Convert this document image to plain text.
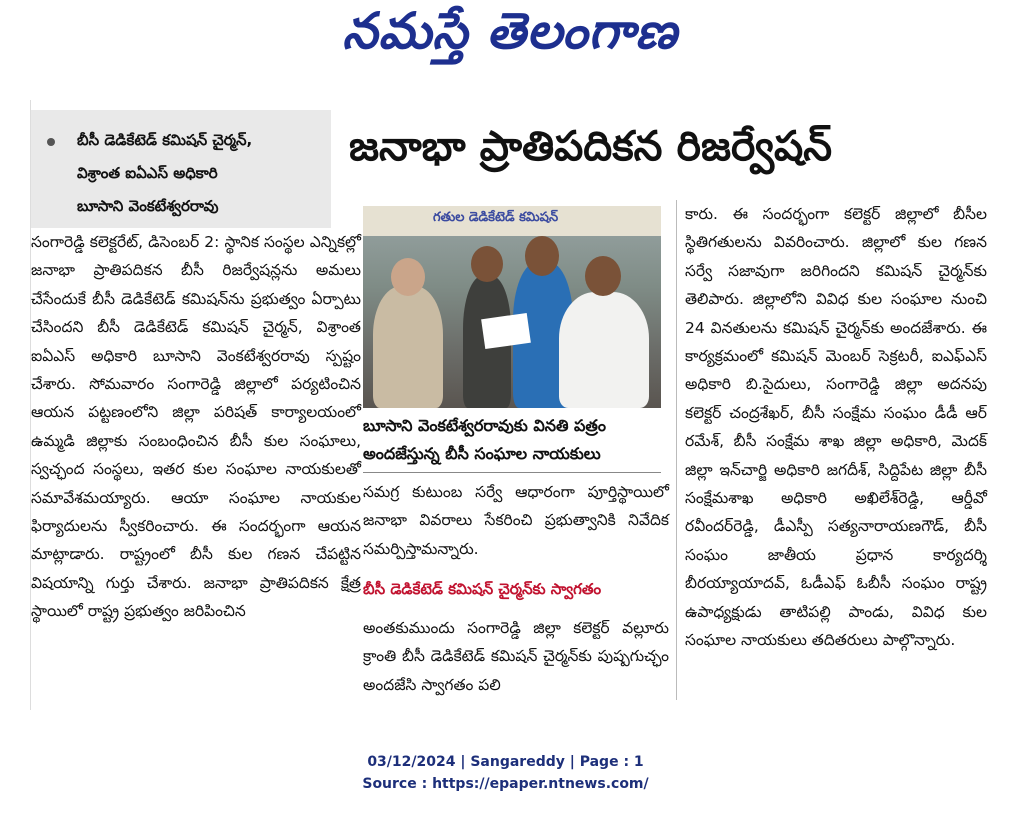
నమస్తే తెలంగాణ
బీసీ డెడికేటెడ్ కమిషన్ చైర్మన్,
విశ్రాంత ఐఏఎస్ అధికారి
బూసాని వెంకటేశ్వరరావు
జనాభా ప్రాతిపదికన రిజర్వేషన్

సంగారెడ్డి కలెక్టరేట్, డిసెంబర్ 2: స్థానిక సంస్థల ఎన్నికల్లో జనాభా ప్రాతిపదికన బీసీ రిజర్వేషన్లను అమలు చేసేందుకే బీసీ డెడికేటెడ్ కమిషన్‌ను ప్రభుత్వం ఏర్పాటు చేసిందని బీసీ డెడికేటెడ్ కమిషన్ చైర్మన్, విశ్రాంత ఐఏఎస్ అధికారి బూసాని వెంకటేశ్వరరావు స్పష్టం చేశారు. సోమవారం సంగారెడ్డి జిల్లాలో పర్యటించిన ఆయన పట్టణంలోని జిల్లా పరిషత్ కార్యాలయంలో ఉమ్మడి జిల్లాకు సంబంధించిన బీసీ కుల సంఘాలు, స్వచ్ఛంద సంస్థలు, ఇతర కుల సంఘాల నాయకులతో సమావేశమయ్యారు. ఆయా సంఘాల నాయకుల ఫిర్యాదులను స్వీకరించారు. ఈ సందర్భంగా ఆయన మాట్లాడారు. రాష్ట్రంలో బీసీ కుల గణన చేపట్టిన విషయాన్ని గుర్తు చేశారు. జనాభా ప్రాతిపదికన క్షేత్ర స్థాయిలో రాష్ట్ర ప్రభుత్వం జరిపించిన

గతుల డెడికేటెడ్ కమిషన్
బూసాని వెంకటేశ్వరరావుకు వినతి పత్రం అందజేస్తున్న బీసీ సంఘాల నాయకులు

సమగ్ర కుటుంబ సర్వే ఆధారంగా పూర్తిస్థాయిలో జనాభా వివరాలు సేకరించి ప్రభుత్వానికి నివేదిక సమర్పిస్తామన్నారు.

బీసీ డెడికేటెడ్ కమిషన్ చైర్మన్‌కు స్వాగతం

అంతకుముందు సంగారెడ్డి జిల్లా కలెక్టర్ వల్లూరు క్రాంతి బీసీ డెడికేటెడ్ కమిషన్ చైర్మన్‌కు పుష్పగుచ్ఛం అందజేసి స్వాగతం పలి

కారు. ఈ సందర్భంగా కలెక్టర్ జిల్లాలో బీసీల స్థితిగతులను వివరించారు. జిల్లాలో కుల గణన సర్వే సజావుగా జరిగిందని కమిషన్ చైర్మన్‌కు తెలిపారు. జిల్లాలోని వివిధ కుల సంఘాల నుంచి 24 వినతులను కమిషన్ చైర్మన్‌కు అందజేశారు. ఈ కార్యక్రమంలో కమిషన్ మెంబర్ సెక్రటరీ, ఐఎఫ్ఎస్ అధికారి బి.సైదులు, సంగారెడ్డి జిల్లా అదనపు కలెక్టర్ చంద్రశేఖర్, బీసీ సంక్షేమ సంఘం డీడీ ఆర్ రమేశ్, బీసీ సంక్షేమ శాఖ జిల్లా అధికారి, మెదక్ జిల్లా ఇన్‌చార్జి అధికారి జగదీశ్, సిద్దిపేట జిల్లా బీసీ సంక్షేమశాఖ అధికారి అఖిలేశ్‌రెడ్డి, ఆర్డీవో రవీందర్‌రెడ్డి, డీఎస్పీ సత్యనారాయణగౌడ్, బీసీ సంఘం జాతీయ ప్రధాన కార్యదర్శి బీరయ్యాయాదవ్, ఓడీఎఫ్ ఓబీసీ సంఘం రాష్ట్ర ఉపాధ్యక్షుడు తాటిపల్లి పాండు, వివిధ కుల సంఘాల నాయకులు తదితరులు పాల్గొన్నారు.

03/12/2024 | Sangareddy | Page : 1
Source : https://epaper.ntnews.com/
